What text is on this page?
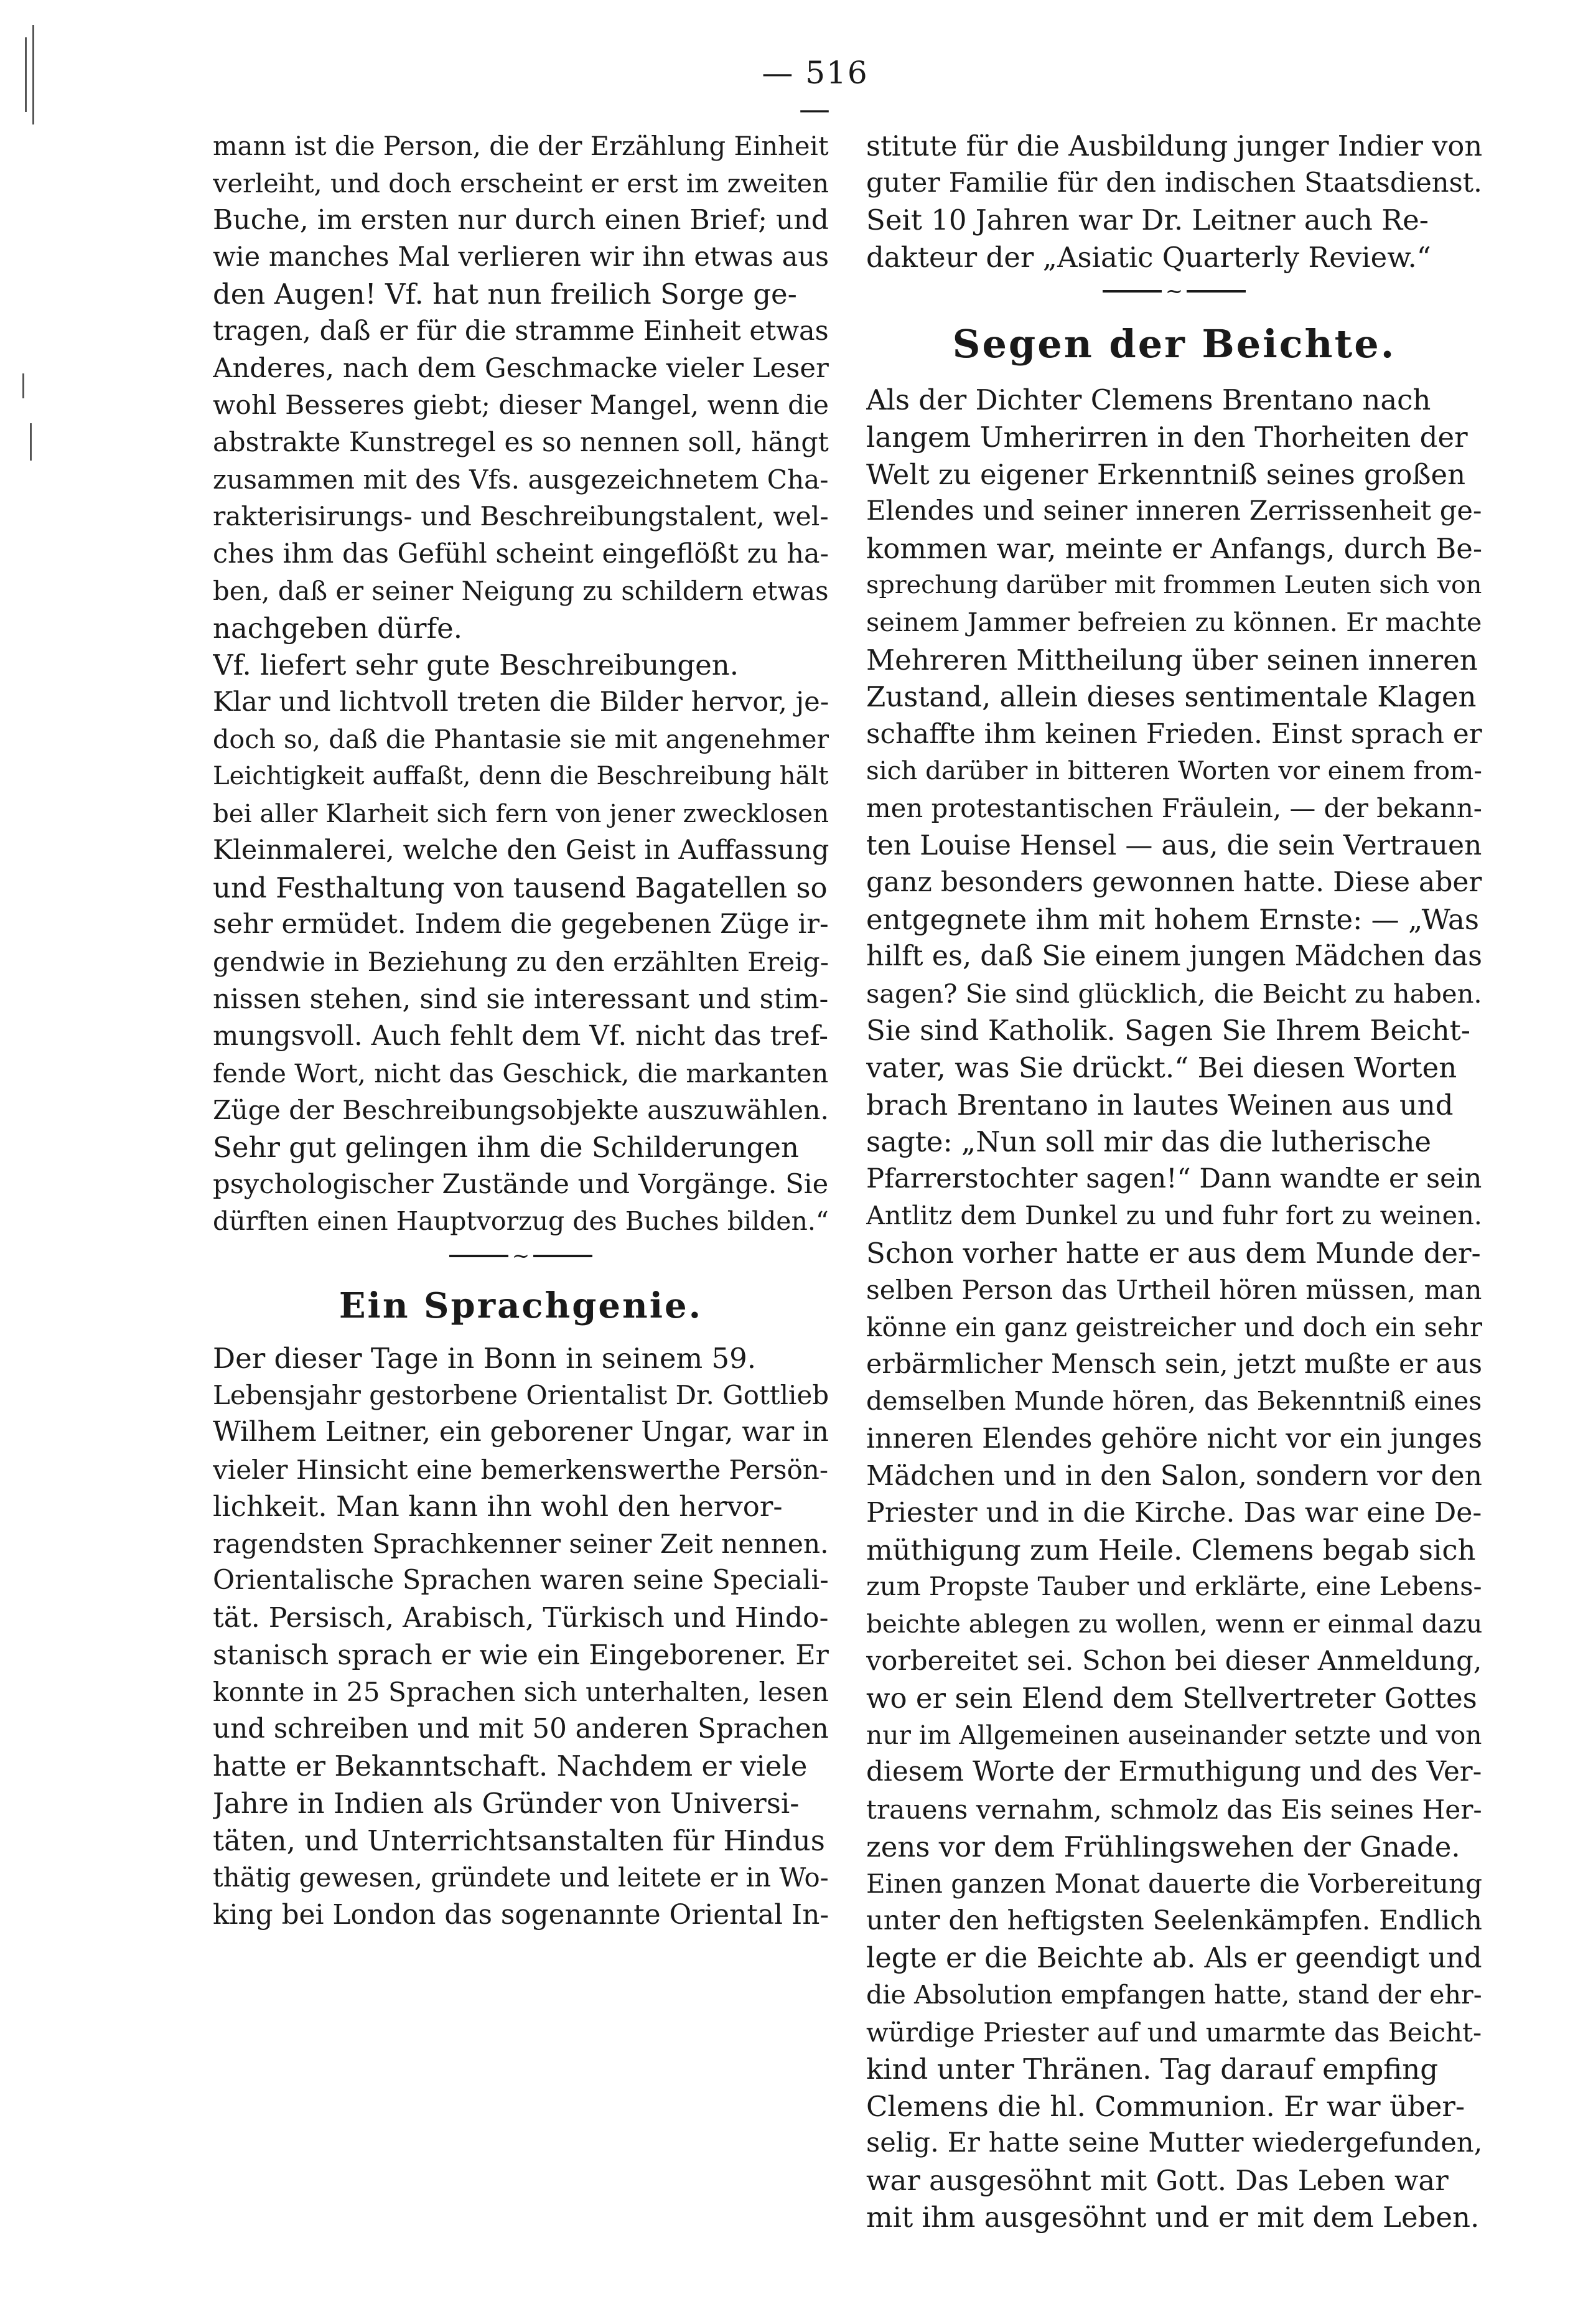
— 516 —
mann ist die Person, die der Erzählung Einheit
verleiht, und doch erscheint er erst im zweiten
Buche, im ersten nur durch einen Brief; und
wie manches Mal verlieren wir ihn etwas aus
den Augen! Vf. hat nun freilich Sorge ge-
tragen, daß er für die stramme Einheit etwas
Anderes, nach dem Geschmacke vieler Leser
wohl Besseres giebt; dieser Mangel, wenn die
abstrakte Kunstregel es so nennen soll, hängt
zusammen mit des Vfs. ausgezeichnetem Cha-
rakterisirungs- und Beschreibungstalent, wel-
ches ihm das Gefühl scheint eingeflößt zu ha-
ben, daß er seiner Neigung zu schildern etwas
nachgeben dürfe.
Vf. liefert sehr gute Beschreibungen.
Klar und lichtvoll treten die Bilder hervor, je-
doch so, daß die Phantasie sie mit angenehmer
Leichtigkeit auffaßt, denn die Beschreibung hält
bei aller Klarheit sich fern von jener zwecklosen
Kleinmalerei, welche den Geist in Auffassung
und Festhaltung von tausend Bagatellen so
sehr ermüdet. Indem die gegebenen Züge ir-
gendwie in Beziehung zu den erzählten Ereig-
nissen stehen, sind sie interessant und stim-
mungsvoll. Auch fehlt dem Vf. nicht das tref-
fende Wort, nicht das Geschick, die markanten
Züge der Beschreibungsobjekte auszuwählen.
Sehr gut gelingen ihm die Schilderungen
psychologischer Zustände und Vorgänge. Sie
dürften einen Hauptvorzug des Buches bilden.“
~
Ein Sprachgenie.
Der dieser Tage in Bonn in seinem 59.
Lebensjahr gestorbene Orientalist Dr. Gottlieb
Wilhem Leitner, ein geborener Ungar, war in
vieler Hinsicht eine bemerkenswerthe Persön-
lichkeit. Man kann ihn wohl den hervor-
ragendsten Sprachkenner seiner Zeit nennen.
Orientalische Sprachen waren seine Speciali-
tät. Persisch, Arabisch, Türkisch und Hindo-
stanisch sprach er wie ein Eingeborener. Er
konnte in 25 Sprachen sich unterhalten, lesen
und schreiben und mit 50 anderen Sprachen
hatte er Bekanntschaft. Nachdem er viele
Jahre in Indien als Gründer von Universi-
täten, und Unterrichtsanstalten für Hindus
thätig gewesen, gründete und leitete er in Wo-
king bei London das sogenannte Oriental In-
stitute für die Ausbildung junger Indier von
guter Familie für den indischen Staatsdienst.
Seit 10 Jahren war Dr. Leitner auch Re-
dakteur der „Asiatic Quarterly Review.“
~
Segen der Beichte.
Als der Dichter Clemens Brentano nach
langem Umherirren in den Thorheiten der
Welt zu eigener Erkenntniß seines großen
Elendes und seiner inneren Zerrissenheit ge-
kommen war, meinte er Anfangs, durch Be-
sprechung darüber mit frommen Leuten sich von
seinem Jammer befreien zu können. Er machte
Mehreren Mittheilung über seinen inneren
Zustand, allein dieses sentimentale Klagen
schaffte ihm keinen Frieden. Einst sprach er
sich darüber in bitteren Worten vor einem from-
men protestantischen Fräulein, — der bekann-
ten Louise Hensel — aus, die sein Vertrauen
ganz besonders gewonnen hatte. Diese aber
entgegnete ihm mit hohem Ernste: — „Was
hilft es, daß Sie einem jungen Mädchen das
sagen? Sie sind glücklich, die Beicht zu haben.
Sie sind Katholik. Sagen Sie Ihrem Beicht-
vater, was Sie drückt.“ Bei diesen Worten
brach Brentano in lautes Weinen aus und
sagte: „Nun soll mir das die lutherische
Pfarrerstochter sagen!“ Dann wandte er sein
Antlitz dem Dunkel zu und fuhr fort zu weinen.
Schon vorher hatte er aus dem Munde der-
selben Person das Urtheil hören müssen, man
könne ein ganz geistreicher und doch ein sehr
erbärmlicher Mensch sein, jetzt mußte er aus
demselben Munde hören, das Bekenntniß eines
inneren Elendes gehöre nicht vor ein junges
Mädchen und in den Salon, sondern vor den
Priester und in die Kirche. Das war eine De-
müthigung zum Heile. Clemens begab sich
zum Propste Tauber und erklärte, eine Lebens-
beichte ablegen zu wollen, wenn er einmal dazu
vorbereitet sei. Schon bei dieser Anmeldung,
wo er sein Elend dem Stellvertreter Gottes
nur im Allgemeinen auseinander setzte und von
diesem Worte der Ermuthigung und des Ver-
trauens vernahm, schmolz das Eis seines Her-
zens vor dem Frühlingswehen der Gnade.
Einen ganzen Monat dauerte die Vorbereitung
unter den heftigsten Seelenkämpfen. Endlich
legte er die Beichte ab. Als er geendigt und
die Absolution empfangen hatte, stand der ehr-
würdige Priester auf und umarmte das Beicht-
kind unter Thränen. Tag darauf empfing
Clemens die hl. Communion. Er war über-
selig. Er hatte seine Mutter wiedergefunden,
war ausgesöhnt mit Gott. Das Leben war
mit ihm ausgesöhnt und er mit dem Leben.
